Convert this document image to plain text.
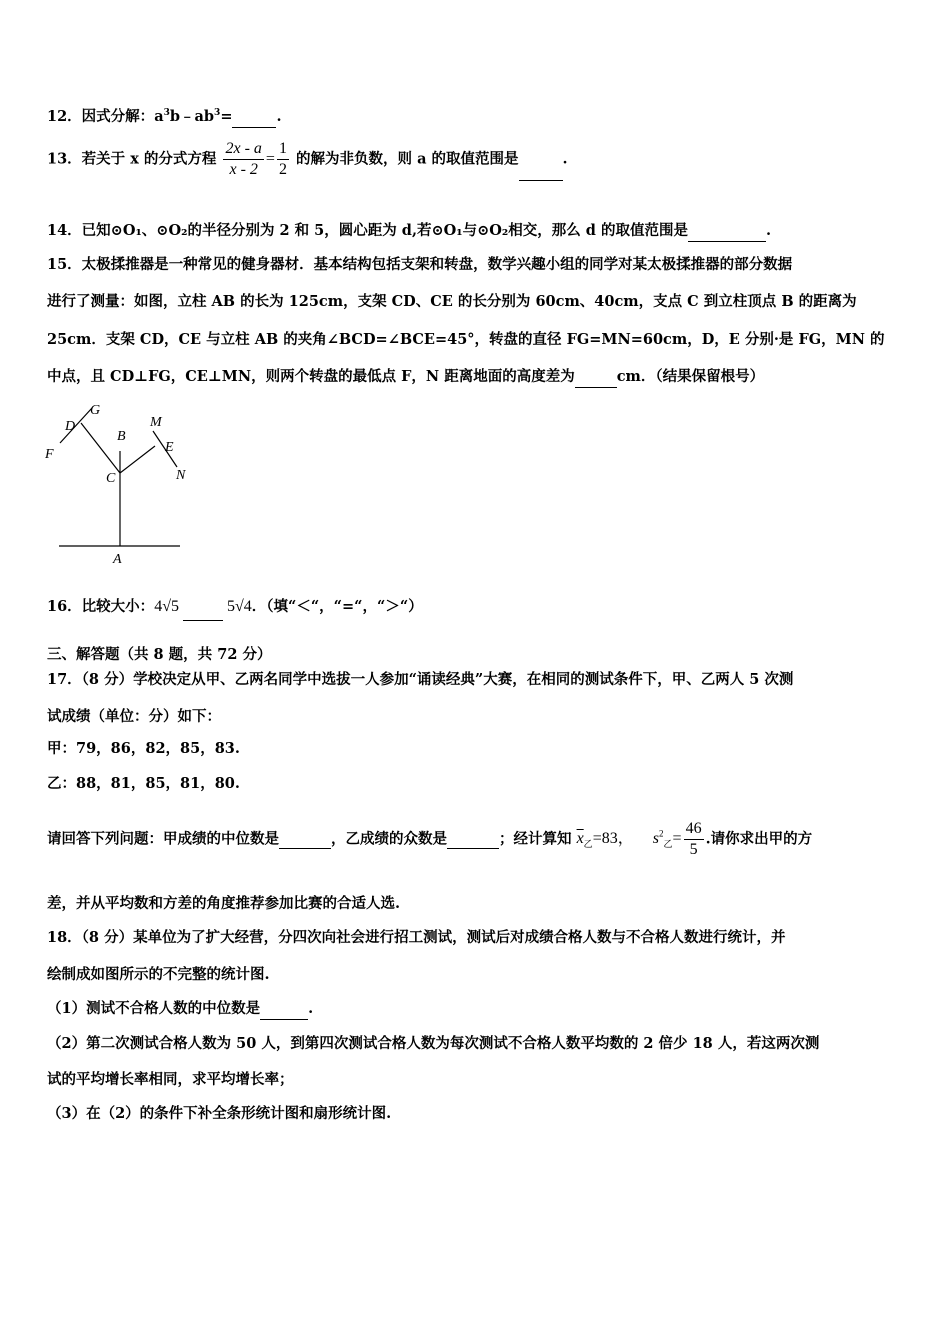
12．因式分解：$a^3b﹣ab^3=$	.
13．若关于 x 的分式方程 $\frac{2x - a}{x - 2} = \frac{1}{2}$ 的解为非负数，则 a 的取值范围是	.
14．已知⊙O₁、⊙O₂的半径分别为 2 和 5，圆心距为 d,若⊙O₁与⊙O₂相交，那么 d 的取值范围是	.
15．太极揉推器是一种常见的健身器材．基本结构包括支架和转盘，数学兴趣小组的同学对某太极揉推器的部分数据
进行了测量：如图，立柱 AB 的长为 125cm，支架 CD、CE 的长分别为 60cm、40cm，支点 C 到立柱顶点 B 的距离为
25cm．支架 CD，CE 与立柱 AB 的夹角∠BCD=∠BCE=45°，转盘的直径 FG=MN=60cm，D，E 分别·是 FG，MN 的
中点，且 CD⊥FG，CE⊥MN，则两个转盘的最低点 F，N 距离地面的高度差为	cm．（结果保留根号）
D
G
B
M
E
F
C	N
A
16．比较大小：4√5	5√4．（填“＜“，“=“，“＞“）
三、解答题（共 8 题，共 72 分）
17．（8 分）学校决定从甲、乙两名同学中选拔一人参加“诵读经典”大赛，在相同的测试条件下，甲、乙两人 5 次测
试成绩（单位：分）如下：
甲：79，86，82，85，83.
乙：88，81，85，81，80.
请回答下列问题：甲成绩的中位数是	，乙成绩的众数是	；经计算知 $\overline{x}_乙=83$， $s^2_乙= \frac{46}{5}$ .请你求出甲的方
差，并从平均数和方差的角度推荐参加比赛的合适人选.
18．（8 分）某单位为了扩大经营，分四次向社会进行招工测试，测试后对成绩合格人数与不合格人数进行统计，并
绘制成如图所示的不完整的统计图.
（1）测试不合格人数的中位数是	.
（2）第二次测试合格人数为 50 人，到第四次测试合格人数为每次测试不合格人数平均数的 2 倍少 18 人，若这两次测
试的平均增长率相同，求平均增长率；
（3）在（2）的条件下补全条形统计图和扇形统计图.
